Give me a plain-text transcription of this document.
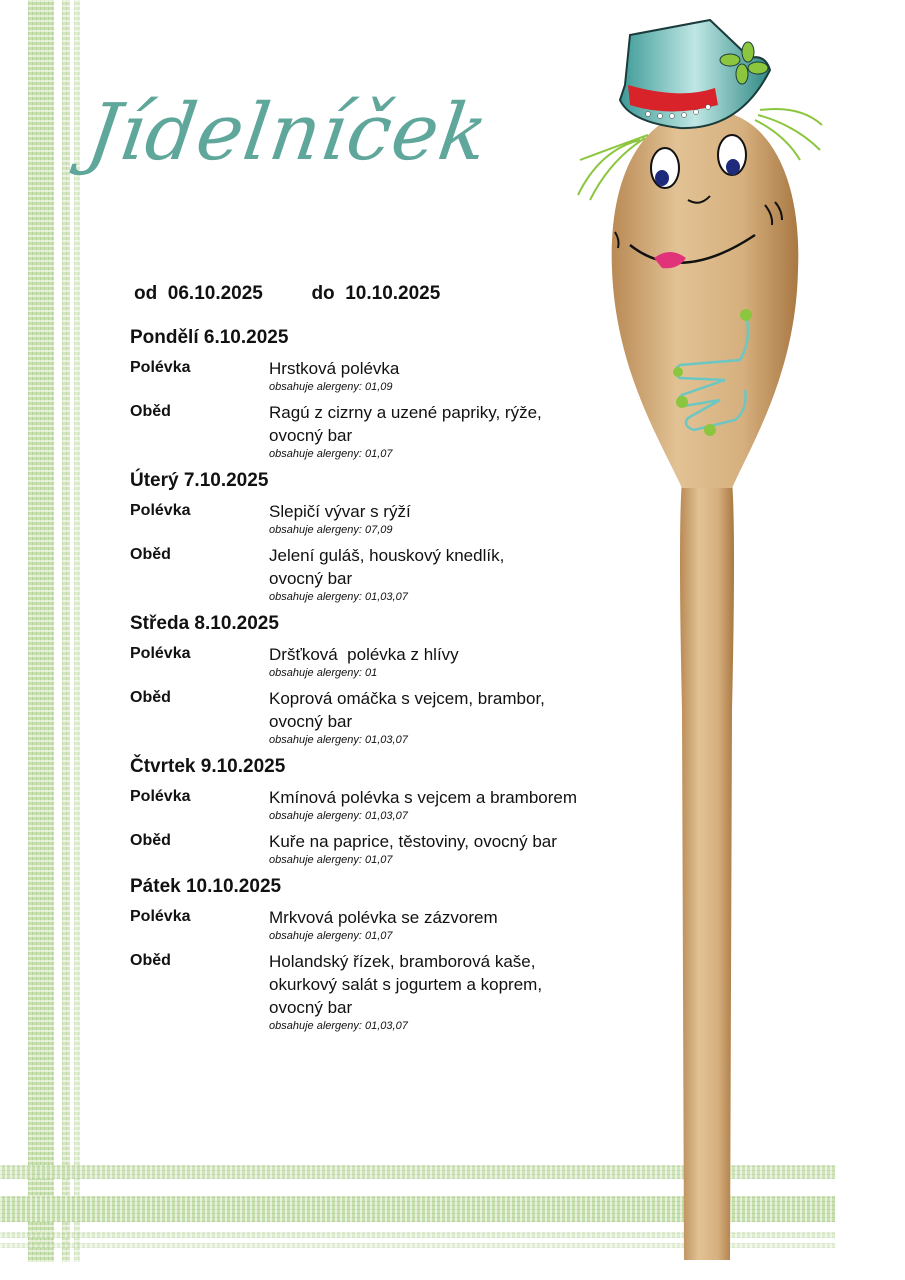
Jídelníček
od 06.10.2025	do 10.10.2025
Pondělí 6.10.2025
Polévka	Hrstková polévka
obsahuje alergeny: 01,09
Oběd	Ragú z cizrny a uzené papriky, rýže,
ovocný bar
obsahuje alergeny: 01,07
Úterý 7.10.2025
Polévka	Slepičí vývar s rýží
obsahuje alergeny: 07,09
Oběd	Jelení guláš, houskový knedlík,
ovocný bar
obsahuje alergeny: 01,03,07
Středa 8.10.2025
Polévka	Dršťková  polévka z hlívy
obsahuje alergeny: 01
Oběd	Koprová omáčka s vejcem, brambor,
ovocný bar
obsahuje alergeny: 01,03,07
Čtvrtek 9.10.2025
Polévka	Kmínová polévka s vejcem a bramborem
obsahuje alergeny: 01,03,07
Oběd	Kuře na paprice, těstoviny, ovocný bar
obsahuje alergeny: 01,07
Pátek 10.10.2025
Polévka	Mrkvová polévka se zázvorem
obsahuje alergeny: 01,07
Oběd	Holandský řízek, bramborová kaše,
okurkový salát s jogurtem a koprem,
ovocný bar
obsahuje alergeny: 01,03,07
